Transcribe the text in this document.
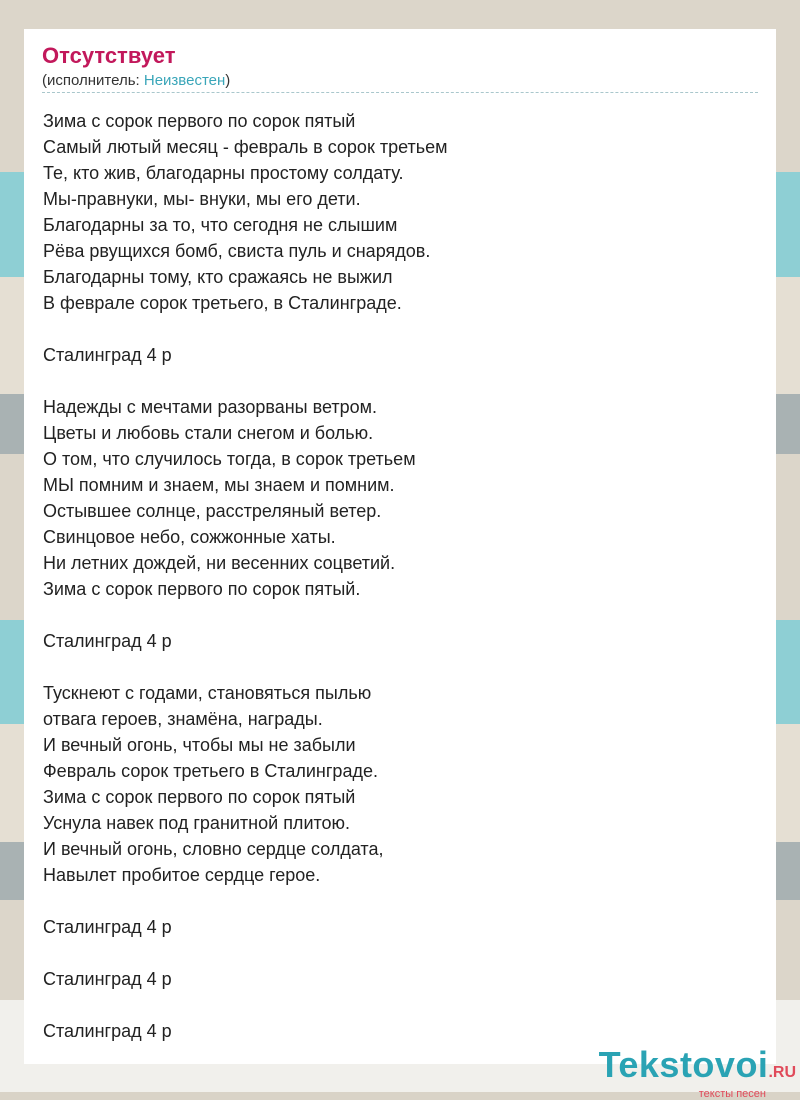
Отсутствует
(исполнитель: Неизвестен)
Зима с сорок первого по сорок пятый
Самый лютый месяц - февраль в сорок третьем
Те, кто жив, благодарны простому солдату.
Мы-правнуки, мы- внуки, мы его дети.
Благодарны за то, что сегодня не слышим
Рёва рвущихся бомб, свиста пуль и снарядов.
Благодарны тому, кто сражаясь не выжил
В феврале сорок третьего, в Сталинграде.
Сталинград 4 р
Надежды с мечтами разорваны ветром.
Цветы и любовь стали снегом и болью.
О том, что случилось тогда, в сорок третьем
МЫ помним и знаем, мы знаем и помним.
Остывшее солнце, расстреляный ветер.
Свинцовое небо, сожжонные хаты.
Ни летних дождей, ни весенних соцветий.
Зима с сорок первого по сорок пятый.
Сталинград 4 р
Тускнеют с годами, становяться пылью
отвага героев, знамёна, награды.
И вечный огонь, чтобы мы не забыли
Февраль сорок третьего в Сталинграде.
Зима с сорок первого по сорок пятый
Уснула навек под гранитной плитою.
И вечный огонь, словно сердце солдата,
Навылет пробитое сердце герое.
Сталинград 4 р
Сталинград 4 р
Сталинград 4 р
Tekstovoi.RU
тексты песен
